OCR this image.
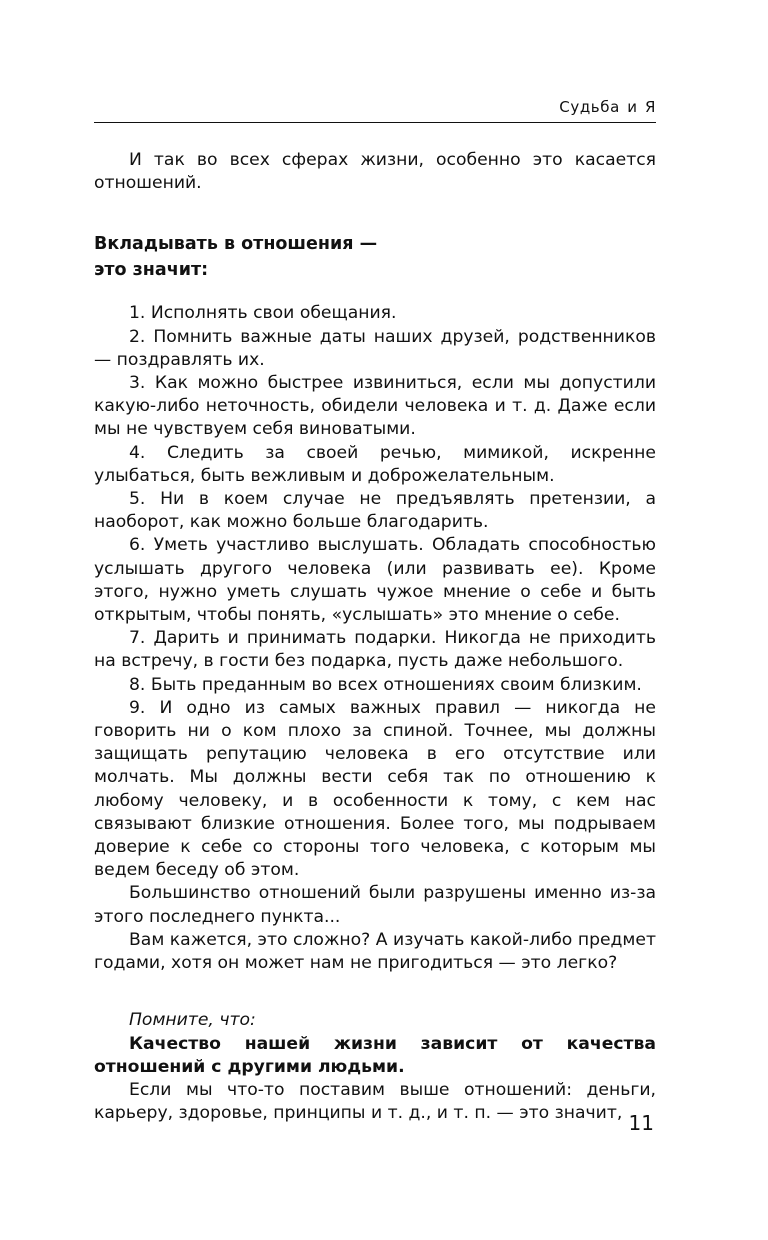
Судьба и Я

И так во всех сферах жизни, особенно это касается отношений.

Вкладывать в отношения —
это значит:

1. Исполнять свои обещания.

2. Помнить важные даты наших друзей, родственников — поздравлять их.

3. Как можно быстрее извиниться, если мы допустили какую-либо неточность, обидели человека и т. д. Даже если мы не чувствуем себя виноватыми.

4. Следить за своей речью, мимикой, искренне улыбаться, быть вежливым и доброжелательным.

5. Ни в коем случае не предъявлять претензии, а наоборот, как можно больше благодарить.

6. Уметь участливо выслушать. Обладать способностью услышать другого человека (или развивать ее). Кроме этого, нужно уметь слушать чужое мнение о себе и быть открытым, чтобы понять, «услышать» это мнение о себе.

7. Дарить и принимать подарки. Никогда не приходить на встречу, в гости без подарка, пусть даже небольшого.

8. Быть преданным во всех отношениях своим близким.

9. И одно из самых важных правил — никогда не говорить ни о ком плохо за спиной. Точнее, мы должны защищать репутацию человека в его отсутствие или молчать. Мы должны вести себя так по отношению к любому человеку, и в особенности к тому, с кем нас связывают близкие отношения. Более того, мы подрываем доверие к себе со стороны того человека, с которым мы ведем беседу об этом.

Большинство отношений были разрушены именно из-за этого последнего пункта...

Вам кажется, это сложно? А изучать какой-либо предмет годами, хотя он может нам не пригодиться — это легко?

Помните, что:

Качество нашей жизни зависит от качества отношений с другими людьми.

Если мы что-то поставим выше отношений: деньги, карьеру, здоровье, принципы и т. д., и т. п. — это значит, 11
